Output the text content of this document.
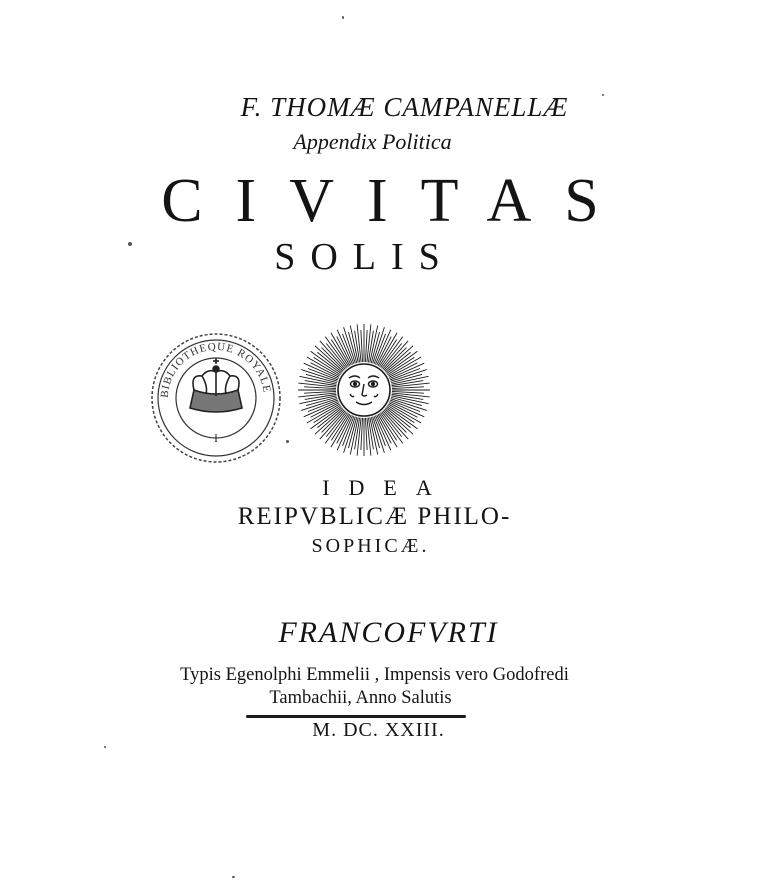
F. THOMÆ CAMPANELLÆ
Appendix Politica
CIVITAS
SOLIS
BIBLIOTHEQUE ROYALE
I
IDEA
REIPVBLICÆ PHILO-
SOPHICÆ.
FRANCOFVRTI
Typis Egenolphi Emmelii , Impensis vero Godofredi
Tambachii, Anno Salutis
M. DC. XXIII.
